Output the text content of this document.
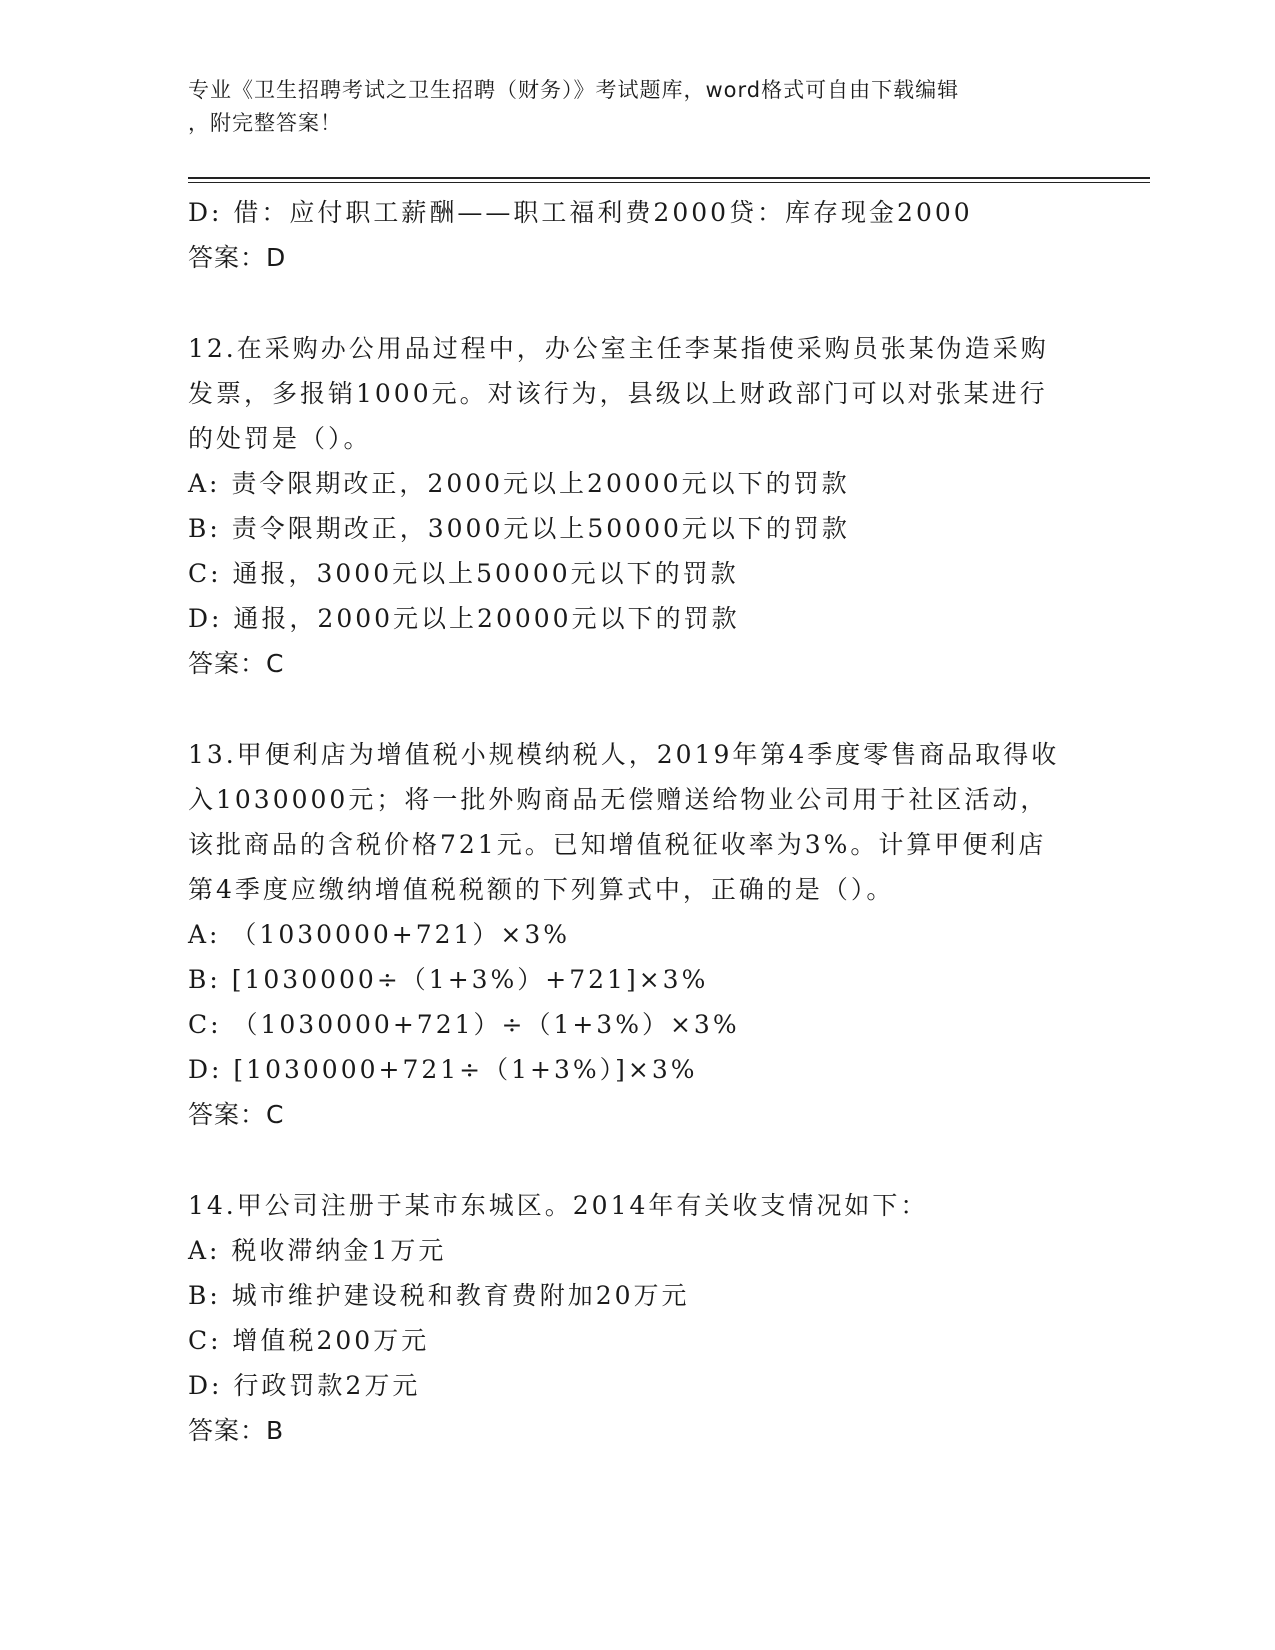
专业《卫生招聘考试之卫生招聘（财务）》考试题库，word格式可自由下载编辑
，附完整答案！
D: 借：应付职工薪酬——职工福利费2000贷：库存现金2000
答案：D
12.在采购办公用品过程中，办公室主任李某指使采购员张某伪造采购
发票，多报销1000元。对该行为，县级以上财政部门可以对张某进行
的处罚是（）。
A: 责令限期改正，2000元以上20000元以下的罚款
B: 责令限期改正，3000元以上50000元以下的罚款
C: 通报，3000元以上50000元以下的罚款
D: 通报，2000元以上20000元以下的罚款
答案：C
13.甲便利店为增值税小规模纳税人，2019年第4季度零售商品取得收
入1030000元；将一批外购商品无偿赠送给物业公司用于社区活动，
该批商品的含税价格721元。已知增值税征收率为3%。计算甲便利店
第4季度应缴纳增值税税额的下列算式中，正确的是（）。
A: （1030000+721）×3%
B: [1030000÷（1+3%）+721]×3%
C: （1030000+721）÷（1+3%）×3%
D: [1030000+721÷（1+3%）]×3%
答案：C
14.甲公司注册于某市东城区。2014年有关收支情况如下：
A: 税收滞纳金1万元
B: 城市维护建设税和教育费附加20万元
C: 增值税200万元
D: 行政罚款2万元
答案：B
